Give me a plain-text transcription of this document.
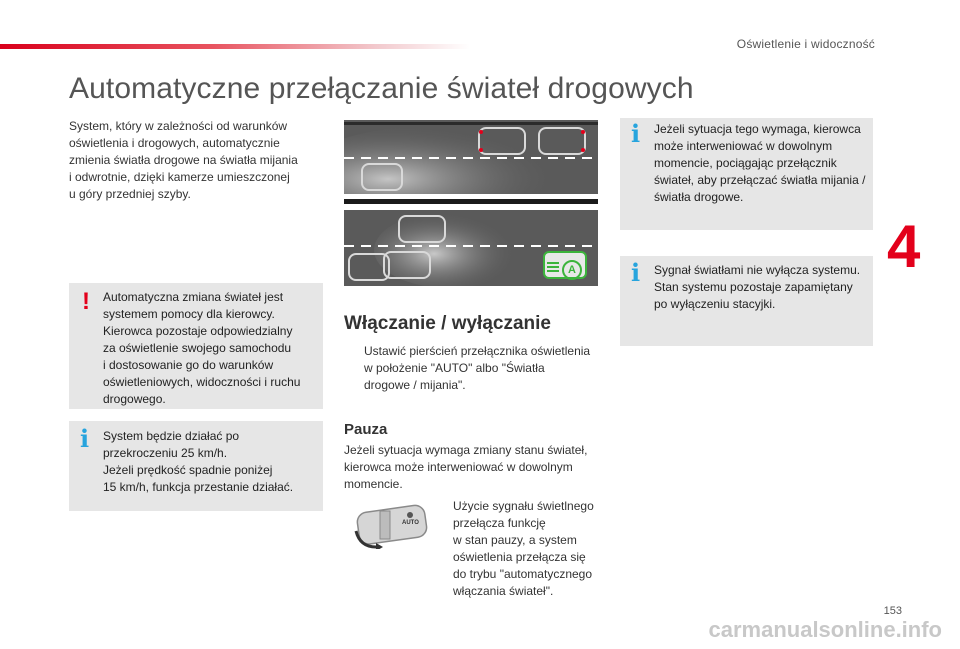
Oświetlenie i widoczność
4
Automatyczne przełączanie świateł drogowych
System, który w zależności od warunków
oświetlenia i drogowych, automatycznie
zmienia światła drogowe na światła mijania
i odwrotnie, dzięki kamerze umieszczonej
u góry przedniej szyby.
! Automatyczna zmiana świateł jest
systemem pomocy dla kierowcy.
Kierowca pozostaje odpowiedzialny
za oświetlenie swojego samochodu
i dostosowanie go do warunków
oświetleniowych, widoczności i ruchu
drogowego.
i System będzie działać po
przekroczeniu 25 km/h.
Jeżeli prędkość spadnie poniżej
15 km/h, funkcja przestanie działać.
A
Włączanie / wyłączanie
Ustawić pierścień przełącznika oświetlenia
w położenie "AUTO" albo "Światła
drogowe / mijania".
Pauza
Jeżeli sytuacja wymaga zmiany stanu świateł,
kierowca może interweniować w dowolnym
momencie.
AUTO
Użycie sygnału świetlnego
przełącza funkcję
w stan pauzy, a system
oświetlenia przełącza się
do trybu "automatycznego
włączania świateł".
i Jeżeli sytuacja tego wymaga, kierowca
może interweniować w dowolnym
momencie, pociągając przełącznik
świateł, aby przełączać światła mijania /
światła drogowe.
i Sygnał światłami nie wyłącza systemu.
Stan systemu pozostaje zapamiętany
po wyłączeniu stacyjki.
153
carmanualsonline.info
